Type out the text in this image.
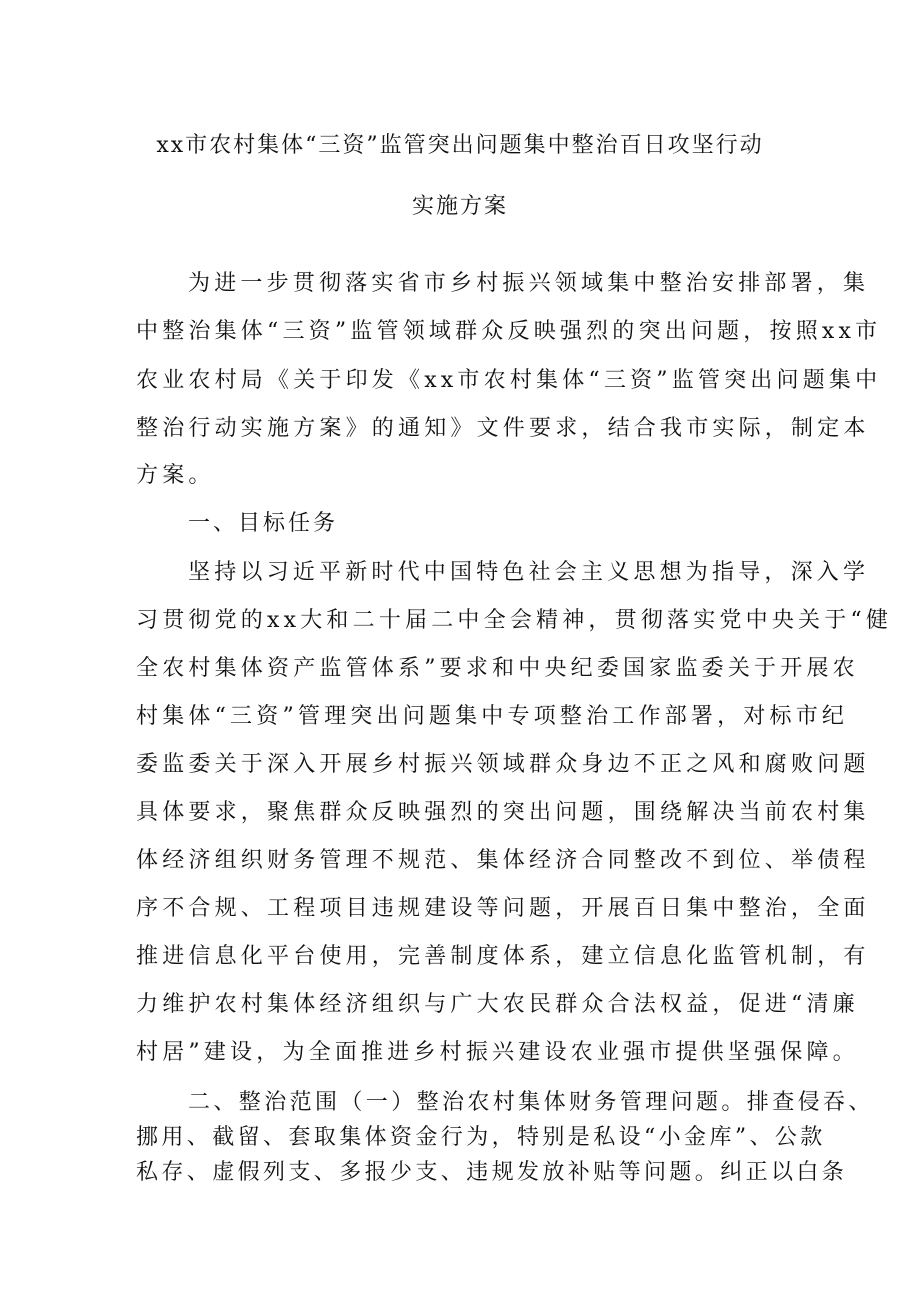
xx市农村集体“三资”监管突出问题集中整治百日攻坚行动
实施方案
为进一步贯彻落实省市乡村振兴领域集中整治安排部署，集
中整治集体“三资”监管领域群众反映强烈的突出问题，按照xx市
农业农村局《关于印发《xx市农村集体“三资”监管突出问题集中
整治行动实施方案》的通知》文件要求，结合我市实际，制定本
方案。
一、目标任务
坚持以习近平新时代中国特色社会主义思想为指导，深入学
习贯彻党的xx大和二十届二中全会精神，贯彻落实党中央关于“健
全农村集体资产监管体系”要求和中央纪委国家监委关于开展农
村集体“三资”管理突出问题集中专项整治工作部署，对标市纪
委监委关于深入开展乡村振兴领域群众身边不正之风和腐败问题
具体要求，聚焦群众反映强烈的突出问题，围绕解决当前农村集
体经济组织财务管理不规范、集体经济合同整改不到位、举债程
序不合规、工程项目违规建设等问题，开展百日集中整治，全面
推进信息化平台使用，完善制度体系，建立信息化监管机制，有
力维护农村集体经济组织与广大农民群众合法权益，促进“清廉
村居”建设，为全面推进乡村振兴建设农业强市提供坚强保障。
二、整治范围（一）整治农村集体财务管理问题。排查侵吞、
挪用、截留、套取集体资金行为，特别是私设“小金库”、公款
私存、虚假列支、多报少支、违规发放补贴等问题。纠正以白条
